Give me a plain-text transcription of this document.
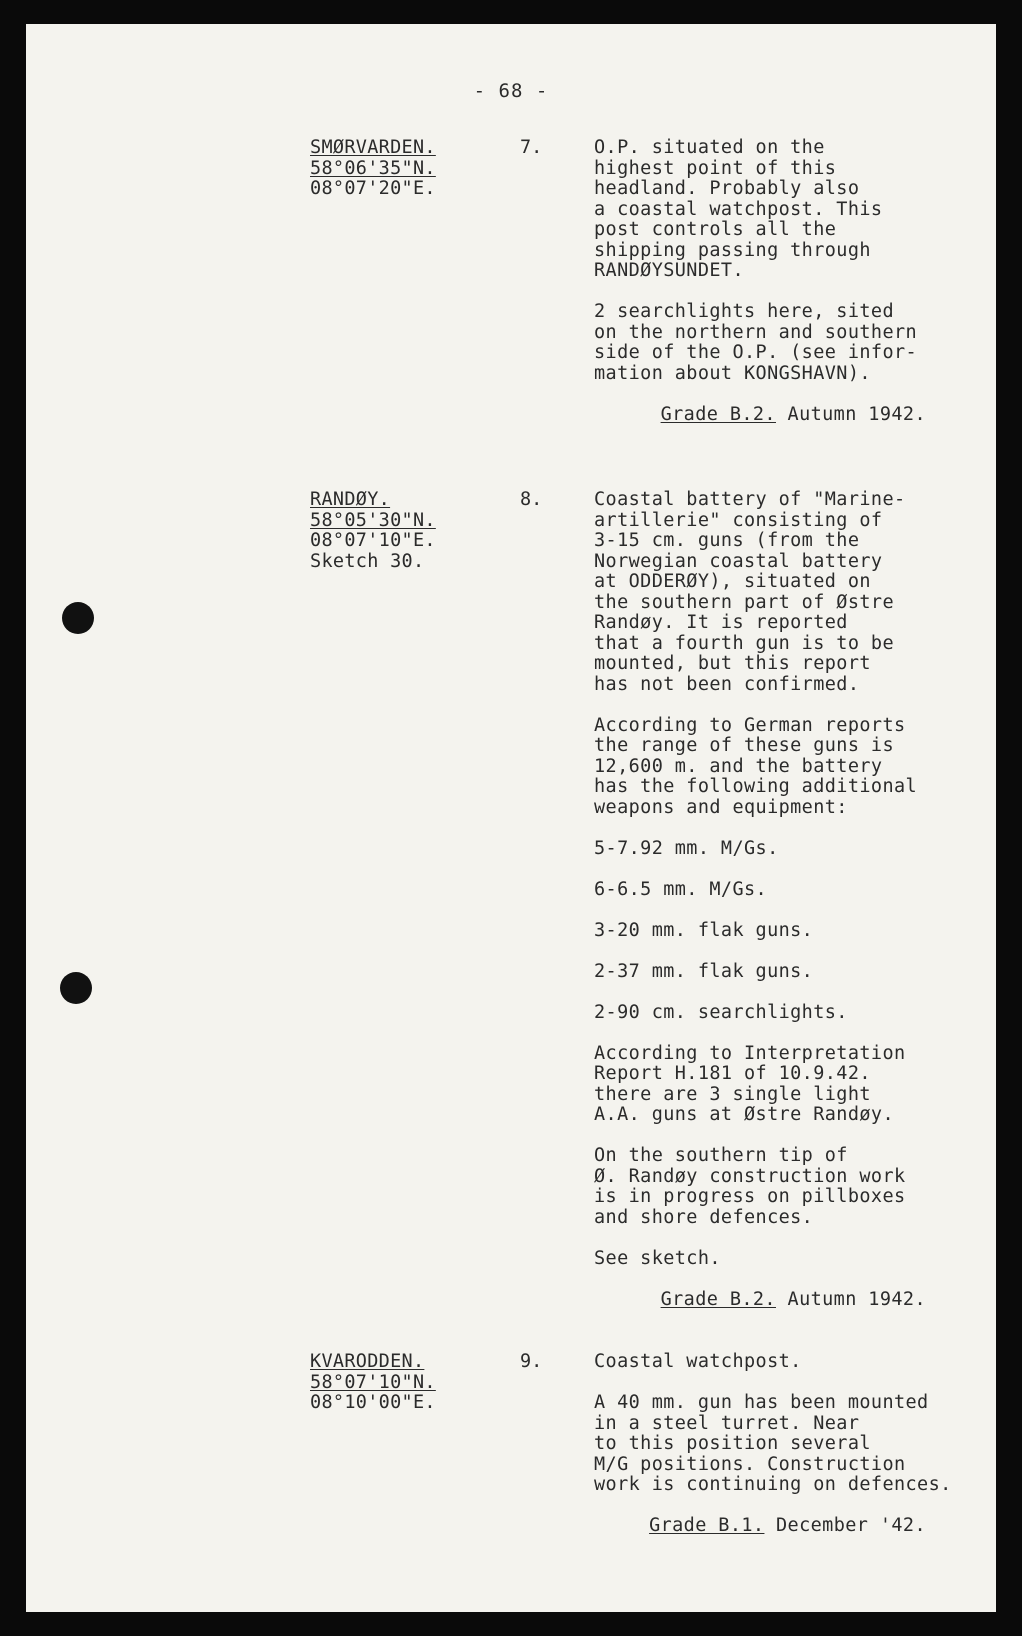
- 68 -
SMØRVARDEN.
58°06'35"N.
08°07'20"E.
7.	O.P. situated on the
highest point of this
headland. Probably also
a coastal watchpost. This
post controls all the
shipping passing through
RANDØYSUNDET.

2 searchlights here, sited
on the northern and southern
side of the O.P. (see infor-
mation about KONGSHAVN).

Grade B.2. Autumn 1942.
RANDØY.
58°05'30"N.
08°07'10"E.
Sketch 30.
8.	Coastal battery of "Marine-
artillerie" consisting of
3-15 cm. guns (from the
Norwegian coastal battery
at ODDERØY), situated on
the southern part of Østre
Randøy. It is reported
that a fourth gun is to be
mounted, but this report
has not been confirmed.

According to German reports
the range of these guns is
12,600 m. and the battery
has the following additional
weapons and equipment:

5-7.92 mm. M/Gs.

6-6.5 mm. M/Gs.

3-20 mm. flak guns.

2-37 mm. flak guns.

2-90 cm. searchlights.

According to Interpretation
Report H.181 of 10.9.42.
there are 3 single light
A.A. guns at Østre Randøy.

On the southern tip of
Ø. Randøy construction work
is in progress on pillboxes
and shore defences.

See sketch.

Grade B.2. Autumn 1942.
KVARODDEN.
58°07'10"N.
08°10'00"E.
9.	Coastal watchpost.

A 40 mm. gun has been mounted
in a steel turret. Near
to this position several
M/G positions. Construction
work is continuing on defences.

Grade B.1. December '42.
